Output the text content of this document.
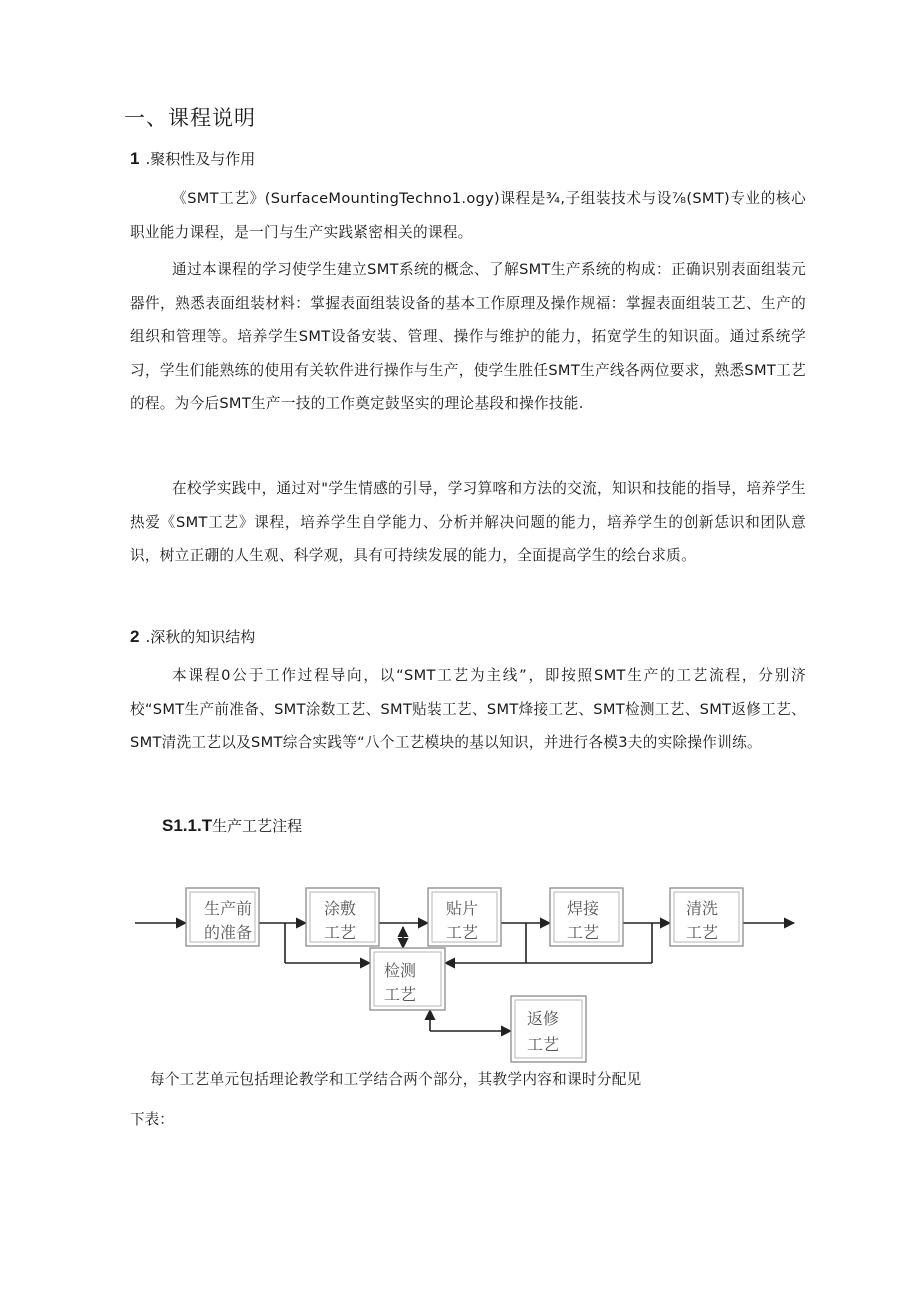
一、课程说明
1 .聚积性及与作用

《SMT工艺》(SurfaceMountingTechno1.ogy)课程是¾,子组装技术与设⅞(SMT)专业的核心职业能力课程，是一门与生产实践紧密相关的课程。

通过本课程的学习使学生建立SMT系统的概念、了解SMT生产系统的构成：正确识别表面组装元器件，熟悉表面组装材料：掌握表面组装设备的基本工作原理及操作规福：掌握表面组装工艺、生产的组织和管理等。培养学生SMT设备安装、管理、操作与维护的能力，拓宽学生的知识面。通过系统学习，学生们能熟练的使用有关软件进行操作与生产，使学生胜任SMT生产线各两位要求，熟悉SMT工艺的程。为今后SMT生产一技的工作奠定鼓坚实的理论基段和操作技能.

在校学实践中，通过对"学生情感的引导，学习算喀和方法的交流，知识和技能的指导，培养学生热爱《SMT工艺》课程，培养学生自学能力、分析并解决问题的能力，培养学生的创新恁识和团队意识，树立正硼的人生观、科学观，具有可持续发展的能力，全面提高学生的绘台求质。

2 .深秋的知识结构

本课程0公于工作过程导向，以“SMT工艺为主线”，即按照SMT生产的工艺流程，分别济校“SMT生产前准备、SMT涂数工艺、SMT贴装工艺、SMT烽接工艺、SMT检测工艺、SMT返修工艺、SMT清洗工艺以及SMT综合实践等“八个工艺模块的基以知识，并进行各模3夫的实除操作训练。

S1.1.T生产工艺注程
生产前
的准备
涂敷
工艺
贴片
工艺
焊接
工艺
清洗
工艺
检测
工艺
返修
工艺
每个工艺单元包括理论教学和工学结合两个部分，其教学内容和课时分配见
下表：
